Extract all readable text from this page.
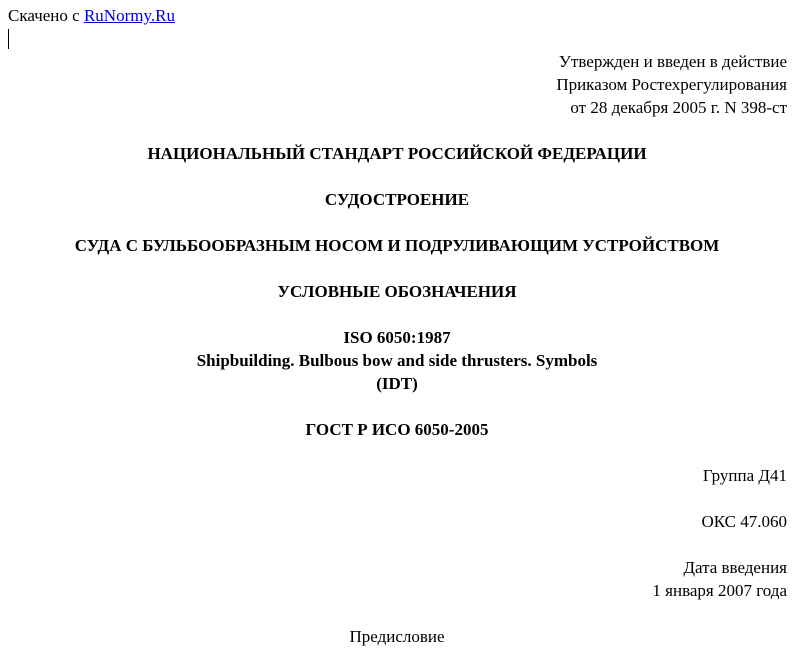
Скачено с RuNormy.Ru
Утвержден и введен в действие
Приказом Ростехрегулирования
от 28 декабря 2005 г. N 398-ст
НАЦИОНАЛЬНЫЙ СТАНДАРТ РОССИЙСКОЙ ФЕДЕРАЦИИ
СУДОСТРОЕНИЕ
СУДА С БУЛЬБООБРАЗНЫМ НОСОМ И ПОДРУЛИВАЮЩИМ УСТРОЙСТВОМ
УСЛОВНЫЕ ОБОЗНАЧЕНИЯ
ISO 6050:1987
Shipbuilding. Bulbous bow and side thrusters. Symbols
(IDT)
ГОСТ Р ИСО 6050-2005
Группа Д41
ОКС 47.060
Дата введения
1 января 2007 года
Предисловие
